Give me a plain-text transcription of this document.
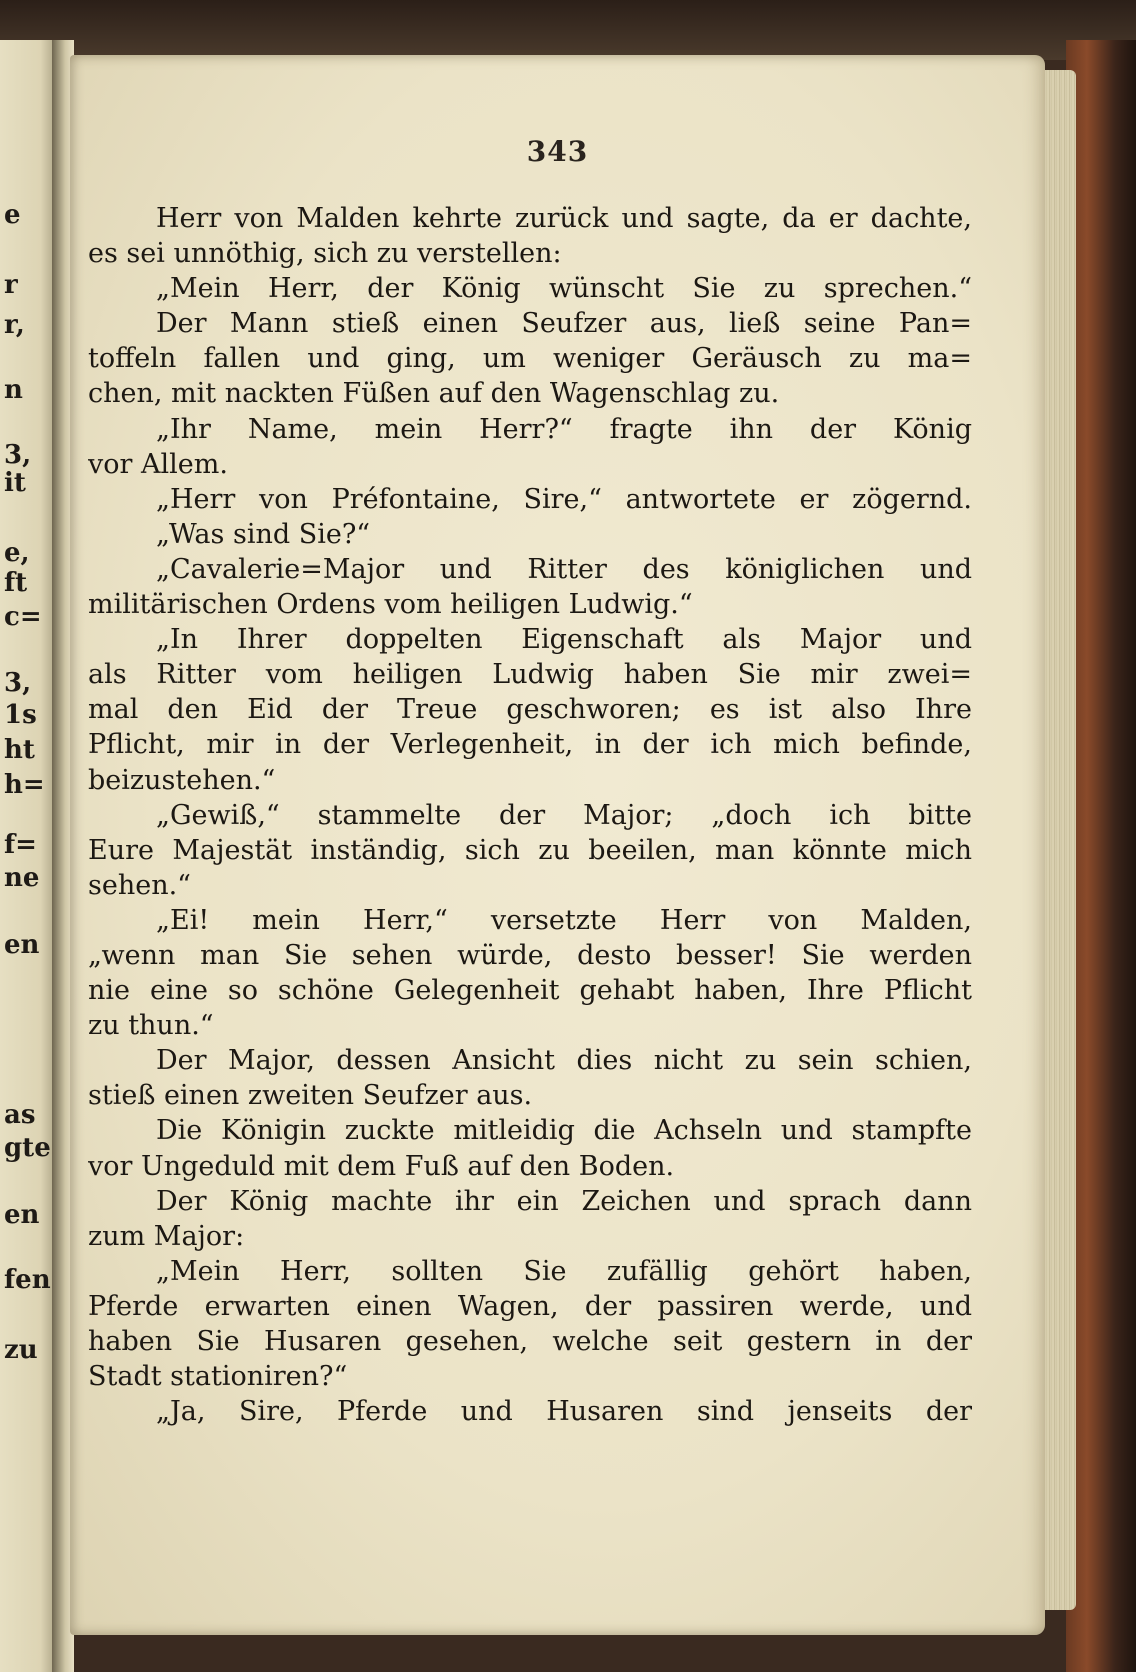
e
r
r,
n
3,
it
e,
ft
c=
3,
1s
ht
h=
f=
ne
en
as
gte
en
fen
zu
343
Herr von Malden kehrte zurück und sagte, da er dachte,
es sei unnöthig, sich zu verstellen:
„Mein Herr, der König wünscht Sie zu sprechen.“
Der Mann stieß einen Seufzer aus, ließ seine Pan=
toffeln fallen und ging, um weniger Geräusch zu ma=
chen, mit nackten Füßen auf den Wagenschlag zu.
„Ihr Name, mein Herr?“ fragte ihn der König
vor Allem.
„Herr von Préfontaine, Sire,“ antwortete er zögernd.
„Was sind Sie?“
„Cavalerie=Major und Ritter des königlichen und
militärischen Ordens vom heiligen Ludwig.“
„In Ihrer doppelten Eigenschaft als Major und
als Ritter vom heiligen Ludwig haben Sie mir zwei=
mal den Eid der Treue geschworen; es ist also Ihre
Pflicht, mir in der Verlegenheit, in der ich mich befinde,
beizustehen.“
„Gewiß,“ stammelte der Major; „doch ich bitte
Eure Majestät inständig, sich zu beeilen, man könnte mich
sehen.“
„Ei! mein Herr,“ versetzte Herr von Malden,
„wenn man Sie sehen würde, desto besser! Sie werden
nie eine so schöne Gelegenheit gehabt haben, Ihre Pflicht
zu thun.“
Der Major, dessen Ansicht dies nicht zu sein schien,
stieß einen zweiten Seufzer aus.
Die Königin zuckte mitleidig die Achseln und stampfte
vor Ungeduld mit dem Fuß auf den Boden.
Der König machte ihr ein Zeichen und sprach dann
zum Major:
„Mein Herr, sollten Sie zufällig gehört haben,
Pferde erwarten einen Wagen, der passiren werde, und
haben Sie Husaren gesehen, welche seit gestern in der
Stadt stationiren?“
„Ja, Sire, Pferde und Husaren sind jenseits der
